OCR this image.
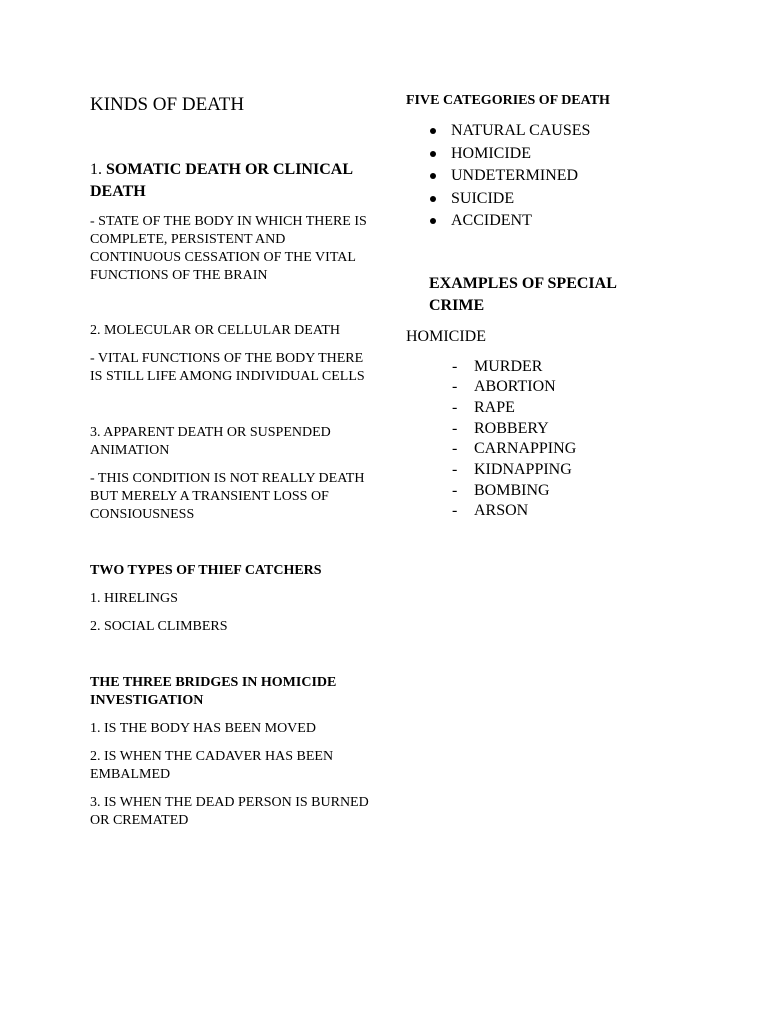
KINDS OF DEATH

1. SOMATIC DEATH OR CLINICAL DEATH

- STATE OF THE BODY IN WHICH THERE IS COMPLETE, PERSISTENT AND CONTINUOUS CESSATION OF THE VITAL FUNCTIONS OF THE BRAIN

2. MOLECULAR OR CELLULAR DEATH

- VITAL FUNCTIONS OF THE BODY THERE IS STILL LIFE AMONG INDIVIDUAL CELLS

3. APPARENT DEATH OR SUSPENDED ANIMATION

- THIS CONDITION IS NOT REALLY DEATH BUT MERELY A TRANSIENT LOSS OF CONSIOUSNESS

TWO TYPES OF THIEF CATCHERS

1. HIRELINGS

2. SOCIAL CLIMBERS

THE THREE BRIDGES IN HOMICIDE INVESTIGATION

1. IS THE BODY HAS BEEN MOVED

2. IS WHEN THE CADAVER HAS BEEN EMBALMED

3. IS WHEN THE DEAD PERSON IS BURNED OR CREMATED

FIVE CATEGORIES OF DEATH

NATURAL CAUSES
HOMICIDE
UNDETERMINED
SUICIDE
ACCIDENT

EXAMPLES OF SPECIAL CRIME

HOMICIDE

- MURDER
- ABORTION
- RAPE
- ROBBERY
- CARNAPPING
- KIDNAPPING
- BOMBING
- ARSON
